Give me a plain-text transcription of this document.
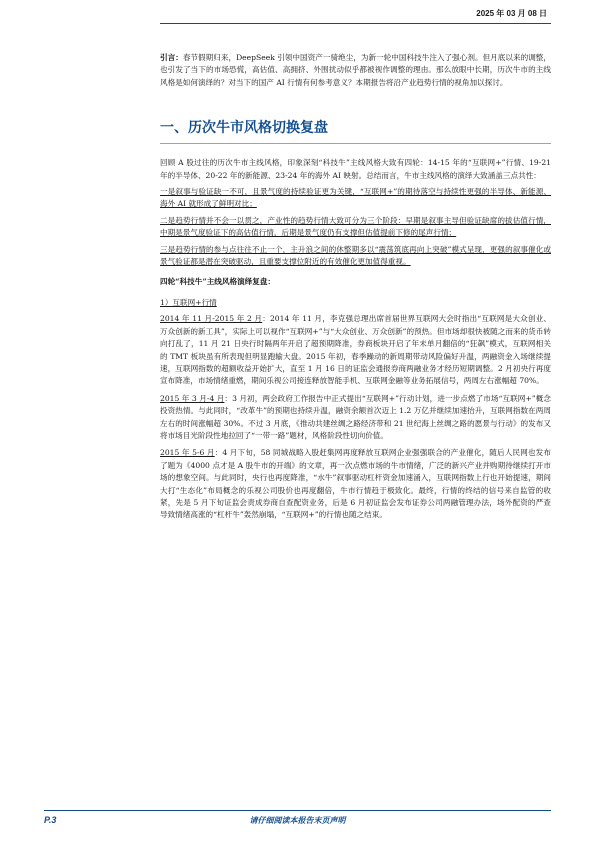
2025 年 03 月 08 日

引言：春节假期归来，DeepSeek 引领中国资产一骑绝尘，为新一轮中国科技牛注入了强心剂。但月底以来的调整，也引发了当下的市场恐慌，高估值、高拥挤、外围扰动似乎都被视作调整的理由。那么放眼中长期，历次牛市的主线风格是如何演绎的？对当下的国产 AI 行情有何参考意义？本期报告将沿产业趋势行情的视角加以探讨。

一、历次牛市风格切换复盘

回顾 A 股过往的历次牛市主线风格，印象深刻“科技牛”主线风格大致有四轮：14-15 年的“互联网+”行情、19-21 年的半导体、20-22 年的新能源、23-24 年的海外 AI 映射。总结而言，牛市主线风格的演绎大致涵盖三点共性：

一是叙事与验证缺一不可，且景气度的持续验证更为关键，“互联网+”的期待落空与持续性更强的半导体、新能源、海外 AI 就形成了鲜明对比；

二是趋势行情并不会一以贯之，产业性的趋势行情大致可分为三个阶段：早期是叙事主导但验证缺席的拔估值行情，中期是景气度验证下的高估值行情，后期是景气度仍有支撑但估值提前下修的尾声行情；

三是趋势行情的参与点往往不止一个，主升浪之间的休整期多以“震荡筑底再向上突破”模式呈现，更强的叙事催化或景气验证都是潜在突破驱动，且重要支撑位附近的有效催化更加值得重视。

四轮“科技牛”主线风格演绎复盘：

1）互联网+行情

2014 年 11 月-2015 年 2 月：2014 年 11 月，李克强总理出席首届世界互联网大会时指出“互联网是大众创业、万众创新的新工具”，实际上可以视作“互联网+”与“大众创业、万众创新”的预热。但市场却很快被随之而来的货币转向打乱了，11 月 21 日央行时隔两年开启了超预期降准，券商板块开启了年末单月翻倍的“狂飙”模式，互联网相关的 TMT 板块虽有所表现但明显跑输大盘。2015 年初，春季躁动的新周期带动风险偏好升温，两融资金入场继续提速，互联网指数的超额收益开始扩大，直至 1 月 16 日的证监会通报券商两融业务才经历短期调整。2 月初央行再度宣布降准，市场情绪重燃，期间乐视公司接连释放智能手机、互联网金融等业务拓展信号，两周左右涨幅超 70%。

2015 年 3 月-4 月：3 月初，两会政府工作报告中正式提出“互联网+”行动计划，进一步点燃了市场“互联网+”概念投资热情。与此同时，“改革牛”的预期也持续升温，融资余额首次迈上 1.2 万亿并继续加速抬升，互联网指数在两周左右的时间涨幅超 30%。不过 3 月底，《推动共建丝绸之路经济带和 21 世纪海上丝绸之路的愿景与行动》的发布又将市场目光阶段性地拉回了“一带一路”题材，风格阶段性切向价值。

2015 年 5-6 月：4 月下旬，58 同城战略入股赶集网再度释放互联网企业强强联合的产业催化，随后人民网也发布了题为《4000 点才是 A 股牛市的开端》的文章，再一次点燃市场的牛市情绪，广泛的新兴产业并购期待继续打开市场的想象空间。与此同时，央行也再度降准，“水牛”叙事驱动杠杆资金加速涌入，互联网指数上行也开始提速，期间大打“生态化”布局概念的乐视公司股价也再度翻倍，牛市行情趋于极致化。最终，行情的终结的信号来自监管的收紧，先是 5 月下旬证监会责成券商自查配资业务，后是 6 月初证监会发布证券公司两融管理办法，场外配资的严查导致情绪高涨的“杠杆牛”轰然崩塌，“互联网+”的行情也随之结束。

P.3	请仔细阅读本报告末页声明
